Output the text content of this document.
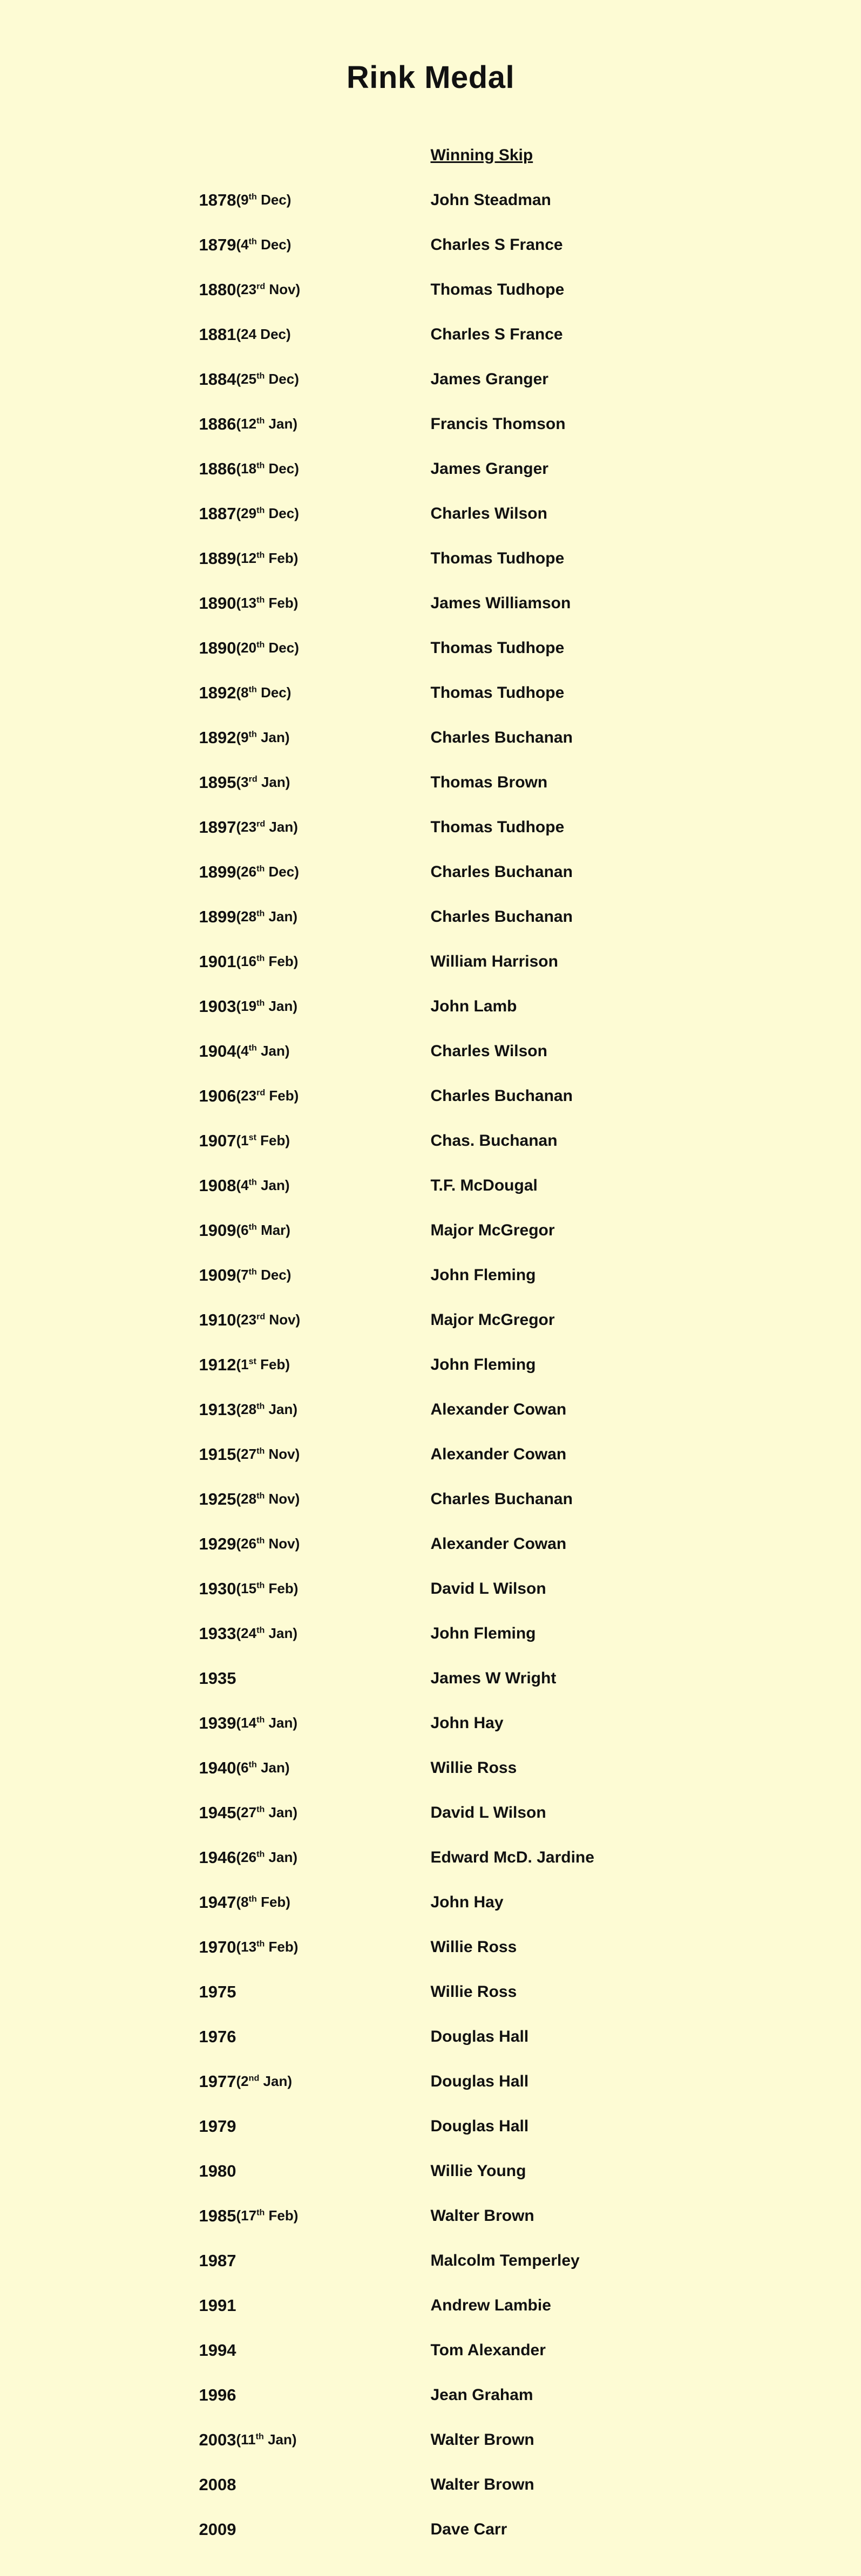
Rink Medal
		Winning Skip
1878	(9th Dec)	John Steadman
1879	(4th Dec)	Charles S France
1880	(23rd Nov)	Thomas Tudhope
1881	(24 Dec)	Charles S France
1884	(25th Dec)	James Granger
1886	(12th Jan)	Francis Thomson
1886	(18th Dec)	James Granger
1887	(29th Dec)	Charles Wilson
1889	(12th Feb)	Thomas Tudhope
1890	(13th Feb)	James Williamson
1890	(20th Dec)	Thomas Tudhope
1892	(8th Dec)	Thomas Tudhope
1892	(9th Jan)	Charles Buchanan
1895	(3rd Jan)	Thomas Brown
1897	(23rd Jan)	Thomas Tudhope
1899	(26th Dec)	Charles Buchanan
1899	(28th Jan)	Charles Buchanan
1901	(16th Feb)	William Harrison
1903	(19th Jan)	John Lamb
1904	(4th Jan)	Charles Wilson
1906	(23rd Feb)	Charles Buchanan
1907	(1st Feb)	Chas. Buchanan
1908	(4th Jan)	T.F. McDougal
1909	(6th Mar)	Major McGregor
1909	(7th Dec)	John Fleming
1910	(23rd Nov)	Major McGregor
1912	(1st Feb)	John Fleming
1913	(28th Jan)	Alexander Cowan
1915	(27th Nov)	Alexander Cowan
1925	(28th Nov)	Charles Buchanan
1929	(26th Nov)	Alexander Cowan
1930	(15th Feb)	David L Wilson
1933	(24th Jan)	John Fleming
1935		James W Wright
1939	(14th Jan)	John Hay
1940	(6th Jan)	Willie Ross
1945	(27th Jan)	David L Wilson
1946	(26th Jan)	Edward McD. Jardine
1947	(8th Feb)	John Hay
1970	(13th Feb)	Willie Ross
1975		Willie Ross
1976		Douglas Hall
1977	(2nd Jan)	Douglas Hall
1979		Douglas Hall
1980		Willie Young
1985	(17th Feb)	Walter Brown
1987		Malcolm Temperley
1991		Andrew Lambie
1994		Tom Alexander
1996		Jean Graham
2003	(11th Jan)	Walter Brown
2008		Walter Brown
2009		Dave Carr
